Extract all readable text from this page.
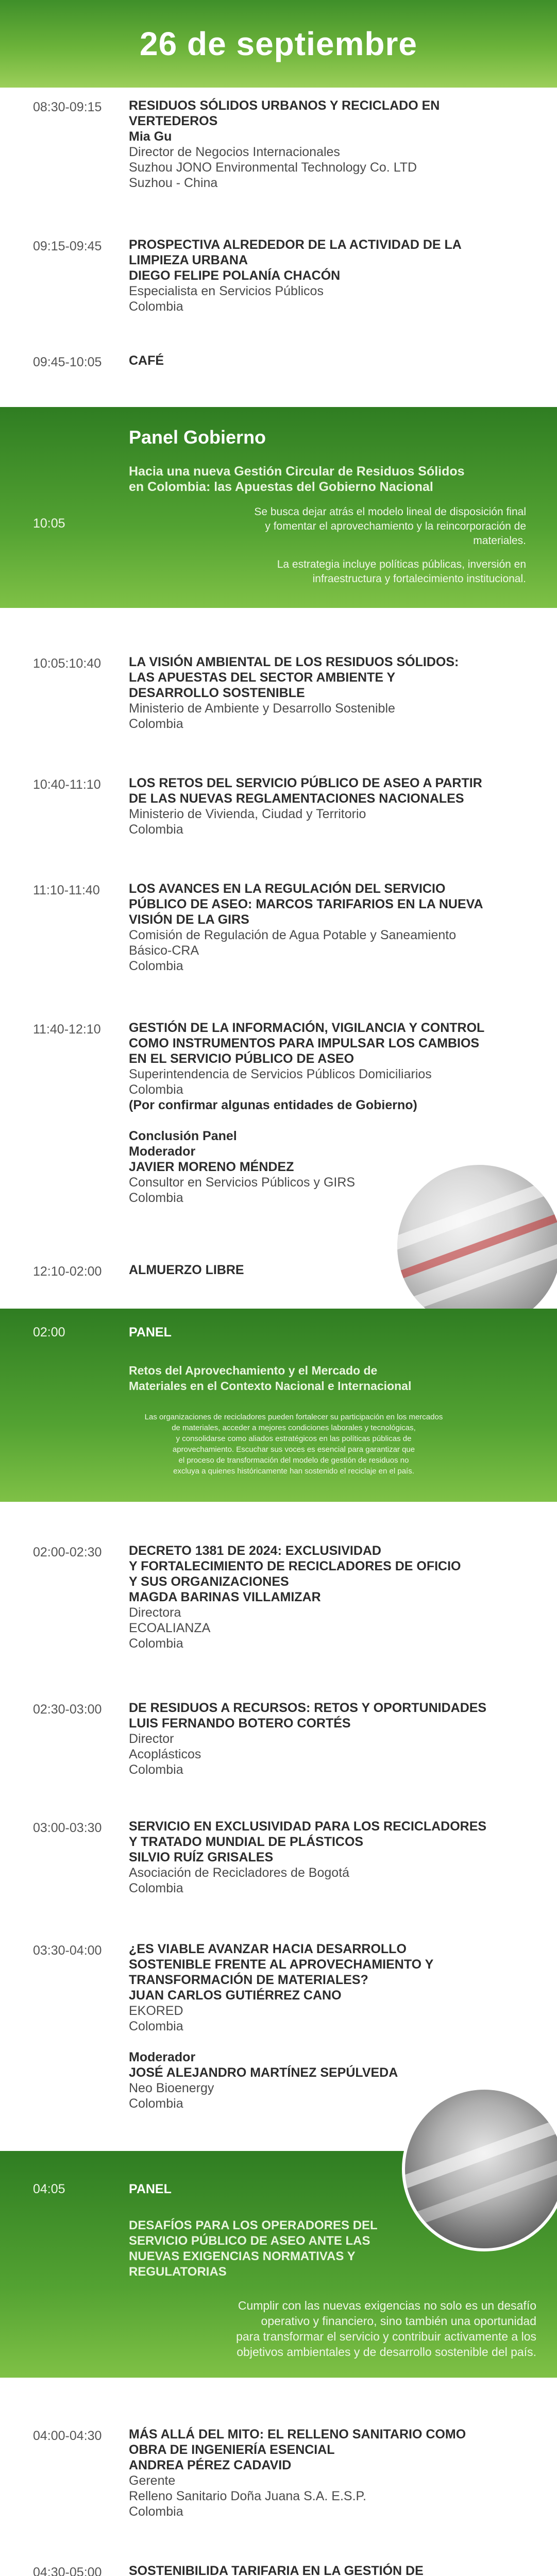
26 de septiembre
08:30-09:15	RESIDUOS SÓLIDOS URBANOS Y RECICLADO EN
VERTEDEROS
Mia Gu
Director de Negocios Internacionales
Suzhou JONO Environmental Technology Co. LTD
Suzhou - China
09:15-09:45	PROSPECTIVA ALREDEDOR DE LA ACTIVIDAD DE LA
LIMPIEZA URBANA
DIEGO FELIPE POLANÍA CHACÓN
Especialista en Servicios Públicos
Colombia
09:45-10:05	CAFÉ
10:05
Panel Gobierno
Hacia una nueva Gestión Circular de Residuos Sólidos
en Colombia: las Apuestas del Gobierno Nacional
Se busca dejar atrás el modelo lineal de disposición final
y fomentar el aprovechamiento y la reincorporación de
materiales.
La estrategia incluye políticas públicas, inversión en
infraestructura y fortalecimiento institucional.
10:05:10:40	LA VISIÓN AMBIENTAL DE LOS RESIDUOS SÓLIDOS:
LAS APUESTAS DEL SECTOR AMBIENTE Y
DESARROLLO SOSTENIBLE
Ministerio de Ambiente y Desarrollo Sostenible
Colombia
10:40-11:10	LOS RETOS DEL SERVICIO PÚBLICO DE ASEO A PARTIR
DE LAS NUEVAS REGLAMENTACIONES NACIONALES
Ministerio de Vivienda, Ciudad y Territorio
Colombia
11:10-11:40	LOS AVANCES EN LA REGULACIÓN DEL SERVICIO
PÚBLICO DE ASEO: MARCOS TARIFARIOS EN LA NUEVA
VISIÓN DE LA GIRS
Comisión de Regulación de Agua Potable y Saneamiento
Básico-CRA
Colombia
11:40-12:10	GESTIÓN DE LA INFORMACIÓN, VIGILANCIA Y CONTROL
COMO INSTRUMENTOS PARA IMPULSAR LOS CAMBIOS
EN EL SERVICIO PÚBLICO DE ASEO
Superintendencia de Servicios Públicos Domiciliarios
Colombia
(Por confirmar algunas entidades de Gobierno)
Conclusión Panel
Moderador
JAVIER MORENO MÉNDEZ
Consultor en Servicios Públicos y GIRS
Colombia
12:10-02:00	ALMUERZO LIBRE
02:00	PANEL
Retos del Aprovechamiento y el Mercado de
Materiales en el Contexto Nacional e Internacional
Las organizaciones de recicladores pueden fortalecer su participación en los mercados
de materiales, acceder a mejores condiciones laborales y tecnológicas,
y consolidarse como aliados estratégicos en las políticas públicas de
aprovechamiento. Escuchar sus voces es esencial para garantizar que
el proceso de transformación del modelo de gestión de residuos no
excluya a quienes históricamente han sostenido el reciclaje en el país.
02:00-02:30	DECRETO 1381 DE 2024: EXCLUSIVIDAD
Y FORTALECIMIENTO DE RECICLADORES DE OFICIO
Y SUS ORGANIZACIONES
MAGDA BARINAS VILLAMIZAR
Directora
ECOALIANZA
Colombia
02:30-03:00	DE RESIDUOS A RECURSOS: RETOS Y OPORTUNIDADES
LUIS FERNANDO BOTERO CORTÉS
Director
Acoplásticos
Colombia
03:00-03:30	SERVICIO EN EXCLUSIVIDAD PARA LOS RECICLADORES
Y TRATADO MUNDIAL DE PLÁSTICOS
SILVIO RUÍZ GRISALES
Asociación de Recicladores de Bogotá
Colombia
03:30-04:00	¿ES VIABLE AVANZAR HACIA DESARROLLO
SOSTENIBLE FRENTE AL APROVECHAMIENTO Y
TRANSFORMACIÓN DE MATERIALES?
JUAN CARLOS GUTIÉRREZ CANO
EKORED
Colombia
Moderador
JOSÉ ALEJANDRO MARTÍNEZ SEPÚLVEDA
Neo Bioenergy
Colombia
04:05	PANEL
DESAFÍOS PARA LOS OPERADORES DEL
SERVICIO PÚBLICO DE ASEO ANTE LAS
NUEVAS EXIGENCIAS NORMATIVAS Y
REGULATORIAS
Cumplir con las nuevas exigencias no solo es un desafío
operativo y financiero, sino también una oportunidad
para transformar el servicio y contribuir activamente a los
objetivos ambientales y de desarrollo sostenible del país.
04:00-04:30	MÁS ALLÁ DEL MITO: EL RELLENO SANITARIO COMO
OBRA DE INGENIERÍA ESENCIAL
ANDREA PÉREZ CADAVID
Gerente
Relleno Sanitario Doña Juana S.A. E.S.P.
Colombia
04:30-05:00	SOSTENIBILIDA TARIFARIA EN LA GESTIÓN DE
